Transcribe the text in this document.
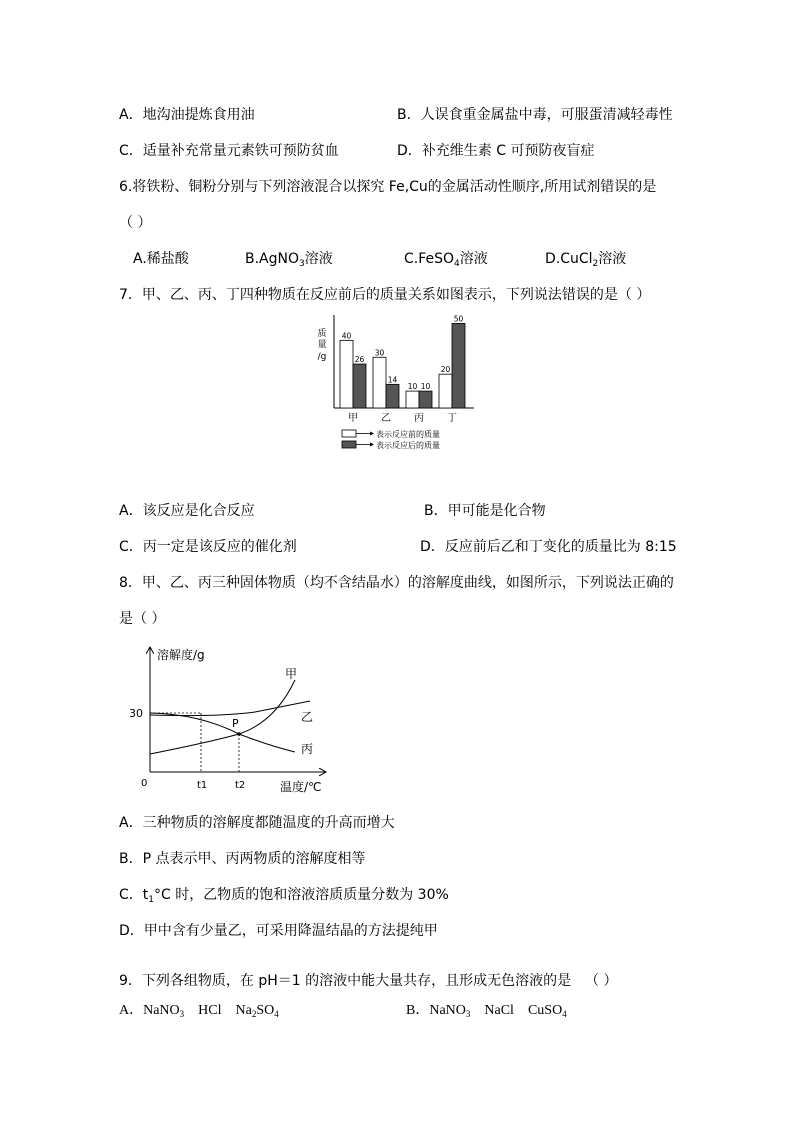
A．地沟油提炼食用油	B．人误食重金属盐中毒，可服蛋清减轻毒性
C．适量补充常量元素铁可预防贫血	D．补充维生素 C 可预防夜盲症
6.将铁粉、铜粉分别与下列溶液混合以探究 Fe,Cu的金属活动性顺序,所用试剂错误的是
（ ）
A.稀盐酸	B.AgNO$_3$溶液	C.FeSO$_4$溶液	D.CuCl$_2$溶液
7．甲、乙、丙、丁四种物质在反应前后的质量关系如图表示，下列说法错误的是（ ）
质
量
/g
40
26
甲
30
14
乙
10 10
丙
20
50
丁
表示反应前的质量
表示反应后的质量
A．该反应是化合反应	B．甲可能是化合物
C．丙一定是该反应的催化剂	D．反应前后乙和丁变化的质量比为 8:15
8．甲、乙、丙三种固体物质（均不含结晶水）的溶解度曲线，如图所示，下列说法正确的
是（ ）
溶解度/g
温度/℃
0
30
t1	t2
P
甲
乙
丙
A．三种物质的溶解度都随温度的升高而增大
B．P 点表示甲、丙两物质的溶解度相等
C．$t_1^\circ C$ 时，乙物质的饱和溶液溶质质量分数为 30%
D．甲中含有少量乙，可采用降温结晶的方法提纯甲
9．下列各组物质，在 pH＝1 的溶液中能大量共存，且形成无色溶液的是 （ ）
A．NaNO$_3$ HCl $Na_2SO_4$	B．NaNO$_3$ NaCl CuSO$_4$
